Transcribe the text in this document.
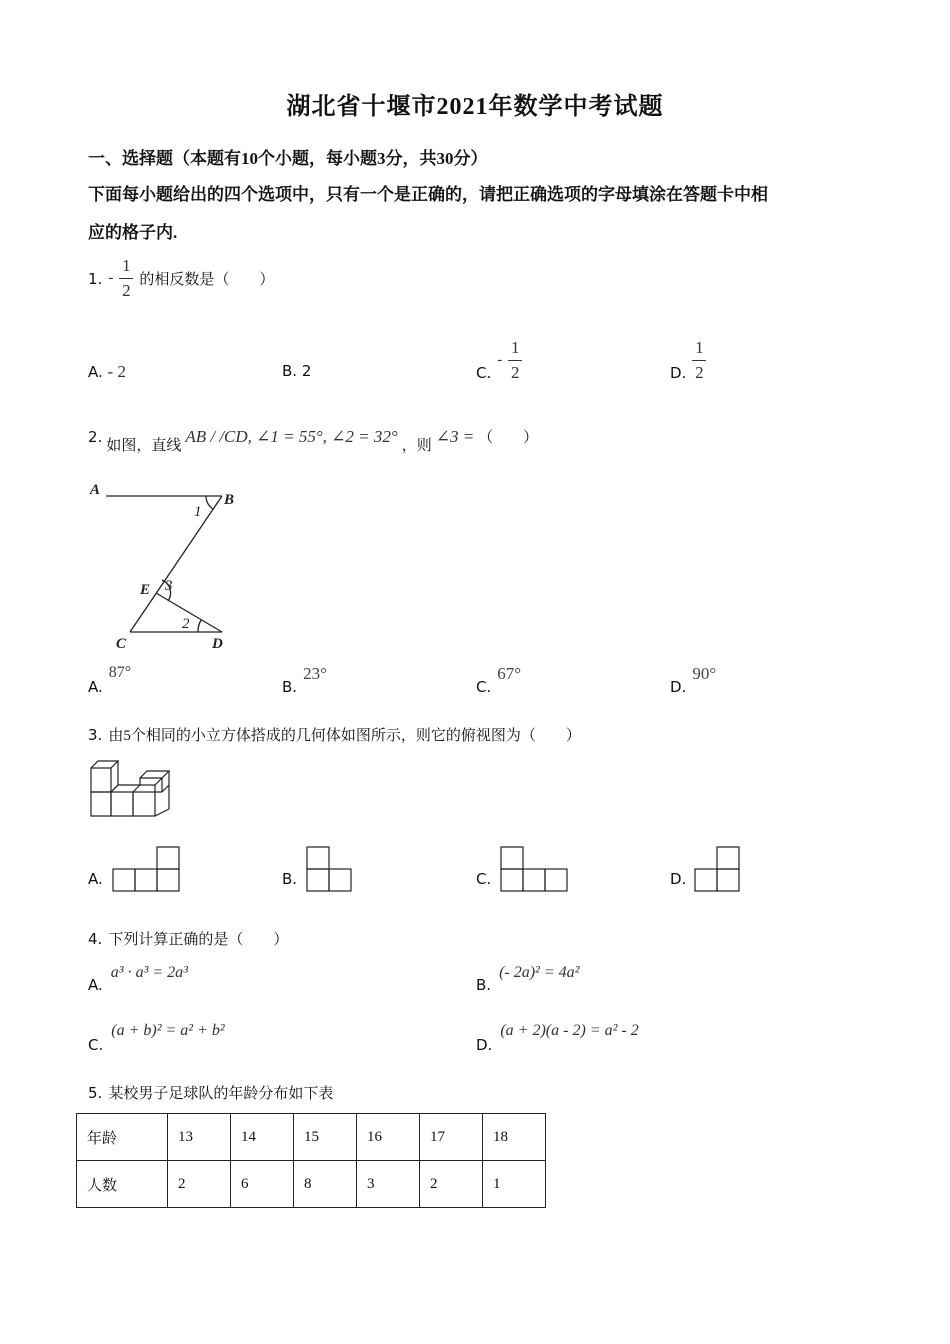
湖北省十堰市2021年数学中考试题
一、选择题（本题有10个小题，每小题3分，共30分）
下面每小题给出的四个选项中，只有一个是正确的，请把正确选项的字母填涂在答题卡中相
应的格子内.
1. - $\frac{1}{2}$ 的相反数是（　　）
A. - 2	B. 2	C.
- $\frac{1}{2}$	D. $\frac{1}{2}$
2.
如图，直线
AB / /CD, ∠1 = 55°, ∠2 = 32°
，则
∠3 = （　　）
A
B
1
E 3
C
2
D
A.
87°
B.
23°
C.
67°
D.
90°
3. 由5个相同的小立方体搭成的几何体如图所示，则它的俯视图为（　　）
A.	B.	C.	D.
4. 下列计算正确的是（　　）
A.
a³ · a³ = 2a³
B.
(- 2a)² = 4a²
C.
(a + b)² = a² + b²
D.
(a + 2)(a - 2) = a² - 2
5. 某校男子足球队的年龄分布如下表
年龄	13	14	15	16	17	18
人数	2	6	8	3	2	1
